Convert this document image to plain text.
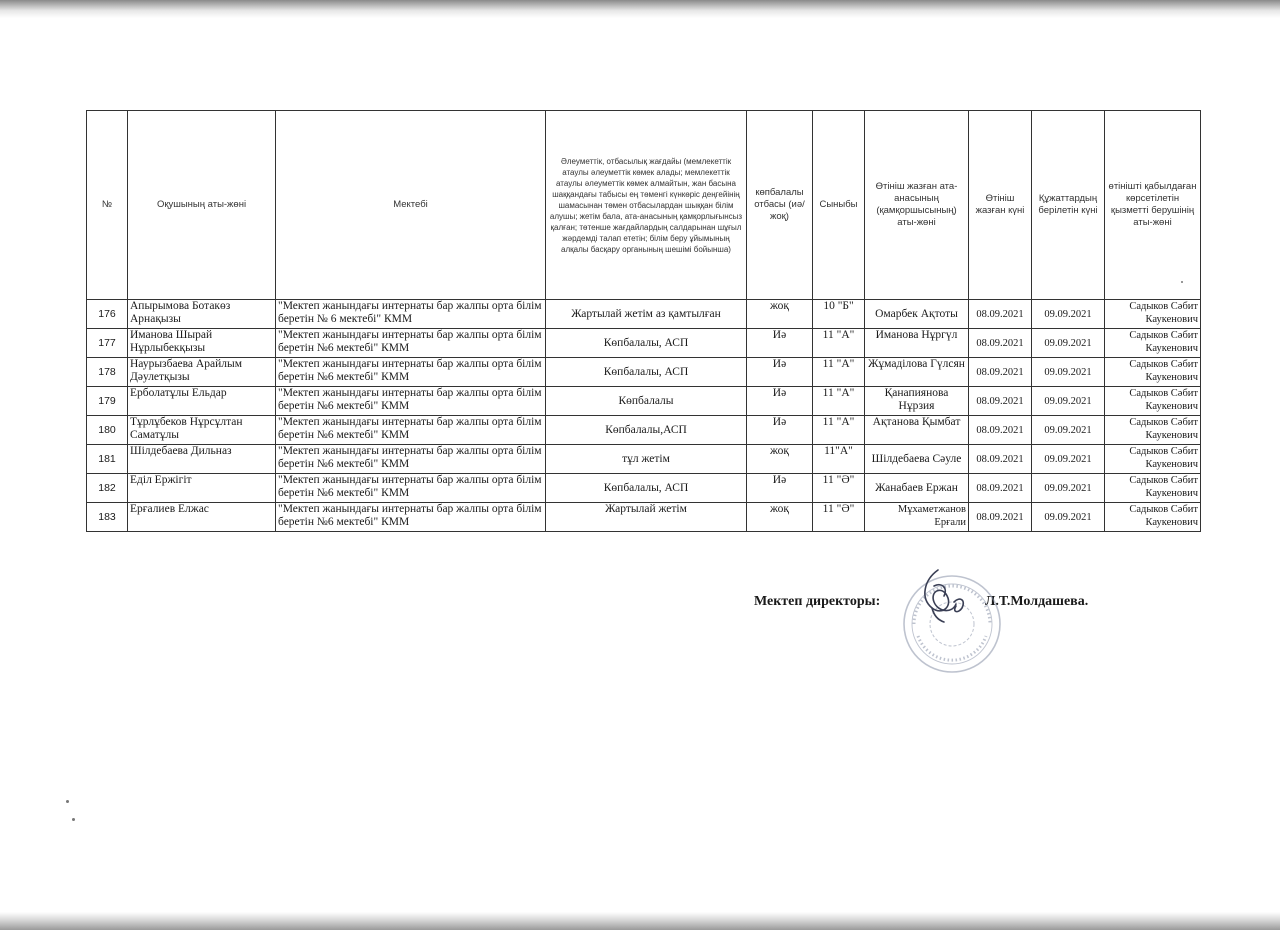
№	Оқушының аты-жөні	Мектебі	Әлеуметтік, отбасылық жағдайы (мемлекеттік атаулы әлеуметтік көмек алады; мемлекеттік атаулы әлеуметтік көмек алмайтын, жан басына шаққандағы табысы ең төменгі күнкөріс деңгейінің шамасынан төмен отбасылардан шыққан білім алушы; жетім бала, ата-анасының қамқорлығынсыз қалған; төтенше жағдайлардың салдарынан шұғыл жәрдемді талап ететін; білім беру ұйымының алқалы басқару органының шешімі бойынша)	көпбалалы отбасы (иә/жоқ)	Сыныбы	Өтініш жазған ата-анасының (қамқоршысының) аты-жөні	Өтініш жазған күні	Құжаттардың берілетін күні	өтінішті қабылдаған көрсетілетін қызметті берушінің аты-жөні
176	Апырымова Ботакөз Арнақызы	"Мектеп жанындағы интернаты бар жалпы орта білім беретін № 6 мектебі" КММ	Жартылай жетім аз қамтылған	жоқ	10 "Б"	Омарбек Ақтоты	08.09.2021	09.09.2021	Садыков Сәбит Каукенович
177	Иманова Шырай Нұрлыбекқызы	"Мектеп жанындағы интернаты бар жалпы орта білім беретін №6 мектебі" КММ	Көпбалалы, АСП	Иә	11 "А"	Иманова Нұргүл	08.09.2021	09.09.2021	Садыков Сәбит Каукенович
178	Наурызбаева Арайлым Дәулетқызы	"Мектеп жанындағы интернаты бар жалпы орта білім беретін №6 мектебі" КММ	Көпбалалы, АСП	Иә	11 "А"	Жұмаділова Гүлсян	08.09.2021	09.09.2021	Садыков Сәбит Каукенович
179	Ерболатұлы Ельдар	"Мектеп жанындағы интернаты бар жалпы орта білім беретін №6 мектебі" КММ	Көпбалалы	Иә	11 "А"	Қанапиянова Нұрзия	08.09.2021	09.09.2021	Садыков Сәбит Каукенович
180	Тұрлұбеков Нұрсұлтан Саматұлы	"Мектеп жанындағы интернаты бар жалпы орта білім беретін №6 мектебі" КММ	Көпбалалы,АСП	Иә	11 "А"	Ақтанова Қымбат	08.09.2021	09.09.2021	Садыков Сәбит Каукенович
181	Шілдебаева Дильназ	"Мектеп жанындағы интернаты бар жалпы орта білім беретін №6 мектебі" КММ	тұл жетім	жоқ	11"А"	Шілдебаева Сәуле	08.09.2021	09.09.2021	Садыков Сәбит Каукенович
182	Еділ Ержігіт	"Мектеп жанындағы интернаты бар жалпы орта білім беретін №6 мектебі" КММ	Көпбалалы, АСП	Иә	11 "Ә"	Жанабаев Ержан	08.09.2021	09.09.2021	Садыков Сәбит Каукенович
183	Ерғалиев Елжас	"Мектеп жанындағы интернаты бар жалпы орта білім беретін №6 мектебі" КММ	Жартылай жетім	жоқ	11 "Ә"	Мұхаметжанов Ерғали	08.09.2021	09.09.2021	Садыков Сәбит Каукенович
Мектеп директоры:	Л.Т.Молдашева.
